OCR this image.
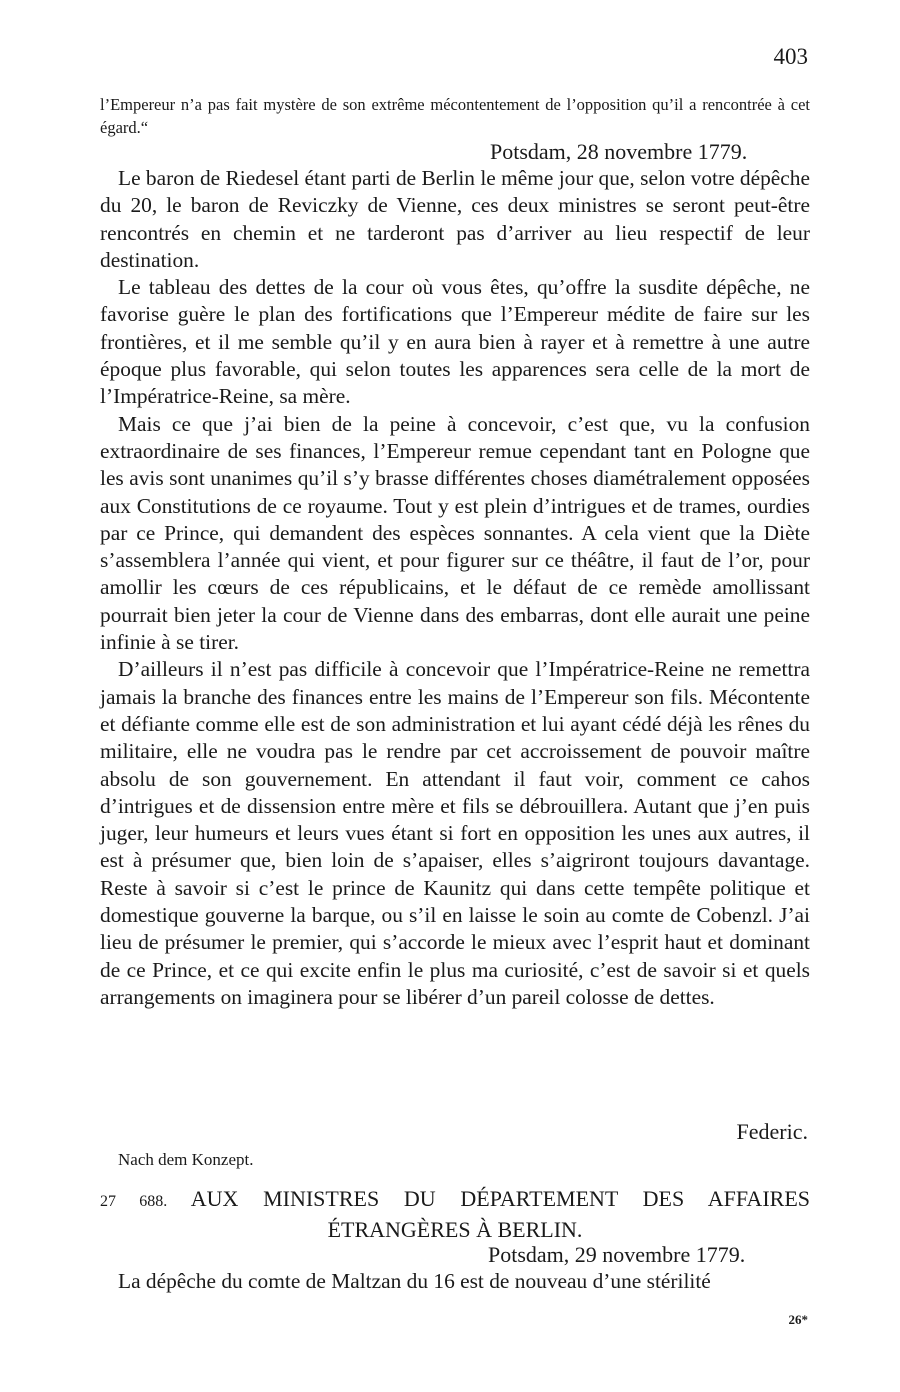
403
l’Empereur n’a pas fait mystère de son extrême mécontentement de l’opposition qu’il a rencontrée à cet égard.“
Potsdam, 28 novembre 1779.

Le baron de Riedesel étant parti de Berlin le même jour que, selon votre dépêche du 20, le baron de Reviczky de Vienne, ces deux ministres se seront peut-être rencontrés en chemin et ne tarderont pas d’arriver au lieu respectif de leur destination.

Le tableau des dettes de la cour où vous êtes, qu’offre la susdite dépêche, ne favorise guère le plan des fortifications que l’Empereur médite de faire sur les frontières, et il me semble qu’il y en aura bien à rayer et à remettre à une autre époque plus favorable, qui selon toutes les apparences sera celle de la mort de l’Impératrice-Reine, sa mère.

Mais ce que j’ai bien de la peine à concevoir, c’est que, vu la confusion extraordinaire de ses finances, l’Empereur remue cependant tant en Pologne que les avis sont unanimes qu’il s’y brasse différentes choses diamétralement opposées aux Constitutions de ce royaume. Tout y est plein d’intrigues et de trames, ourdies par ce Prince, qui demandent des espèces sonnantes. A cela vient que la Diète s’assemblera l’année qui vient, et pour figurer sur ce théâtre, il faut de l’or, pour amollir les cœurs de ces républicains, et le défaut de ce remède amollissant pourrait bien jeter la cour de Vienne dans des embarras, dont elle aurait une peine infinie à se tirer.

D’ailleurs il n’est pas difficile à concevoir que l’Impératrice-Reine ne remettra jamais la branche des finances entre les mains de l’Empereur son fils. Mécontente et défiante comme elle est de son administration et lui ayant cédé déjà les rênes du militaire, elle ne voudra pas le rendre par cet accroissement de pouvoir maître absolu de son gouvernement. En attendant il faut voir, comment ce cahos d’intrigues et de dissension entre mère et fils se débrouillera. Autant que j’en puis juger, leur humeurs et leurs vues étant si fort en opposition les unes aux autres, il est à présumer que, bien loin de s’apaiser, elles s’aigriront toujours davantage. Reste à savoir si c’est le prince de Kaunitz qui dans cette tempête politique et domestique gouverne la barque, ou s’il en laisse le soin au comte de Cobenzl. J’ai lieu de présumer le premier, qui s’accorde le mieux avec l’esprit haut et dominant de ce Prince, et ce qui excite enfin le plus ma curiosité, c’est de savoir si et quels arrangements on imaginera pour se libérer d’un pareil colosse de dettes.

Federic.
Nach dem Konzept.
27 688. AUX MINISTRES DU DÉPARTEMENT DES AFFAIRES
ÉTRANGÈRES À BERLIN.
Potsdam, 29 novembre 1779.
La dépêche du comte de Maltzan du 16 est de nouveau d’une stérilité
26*
